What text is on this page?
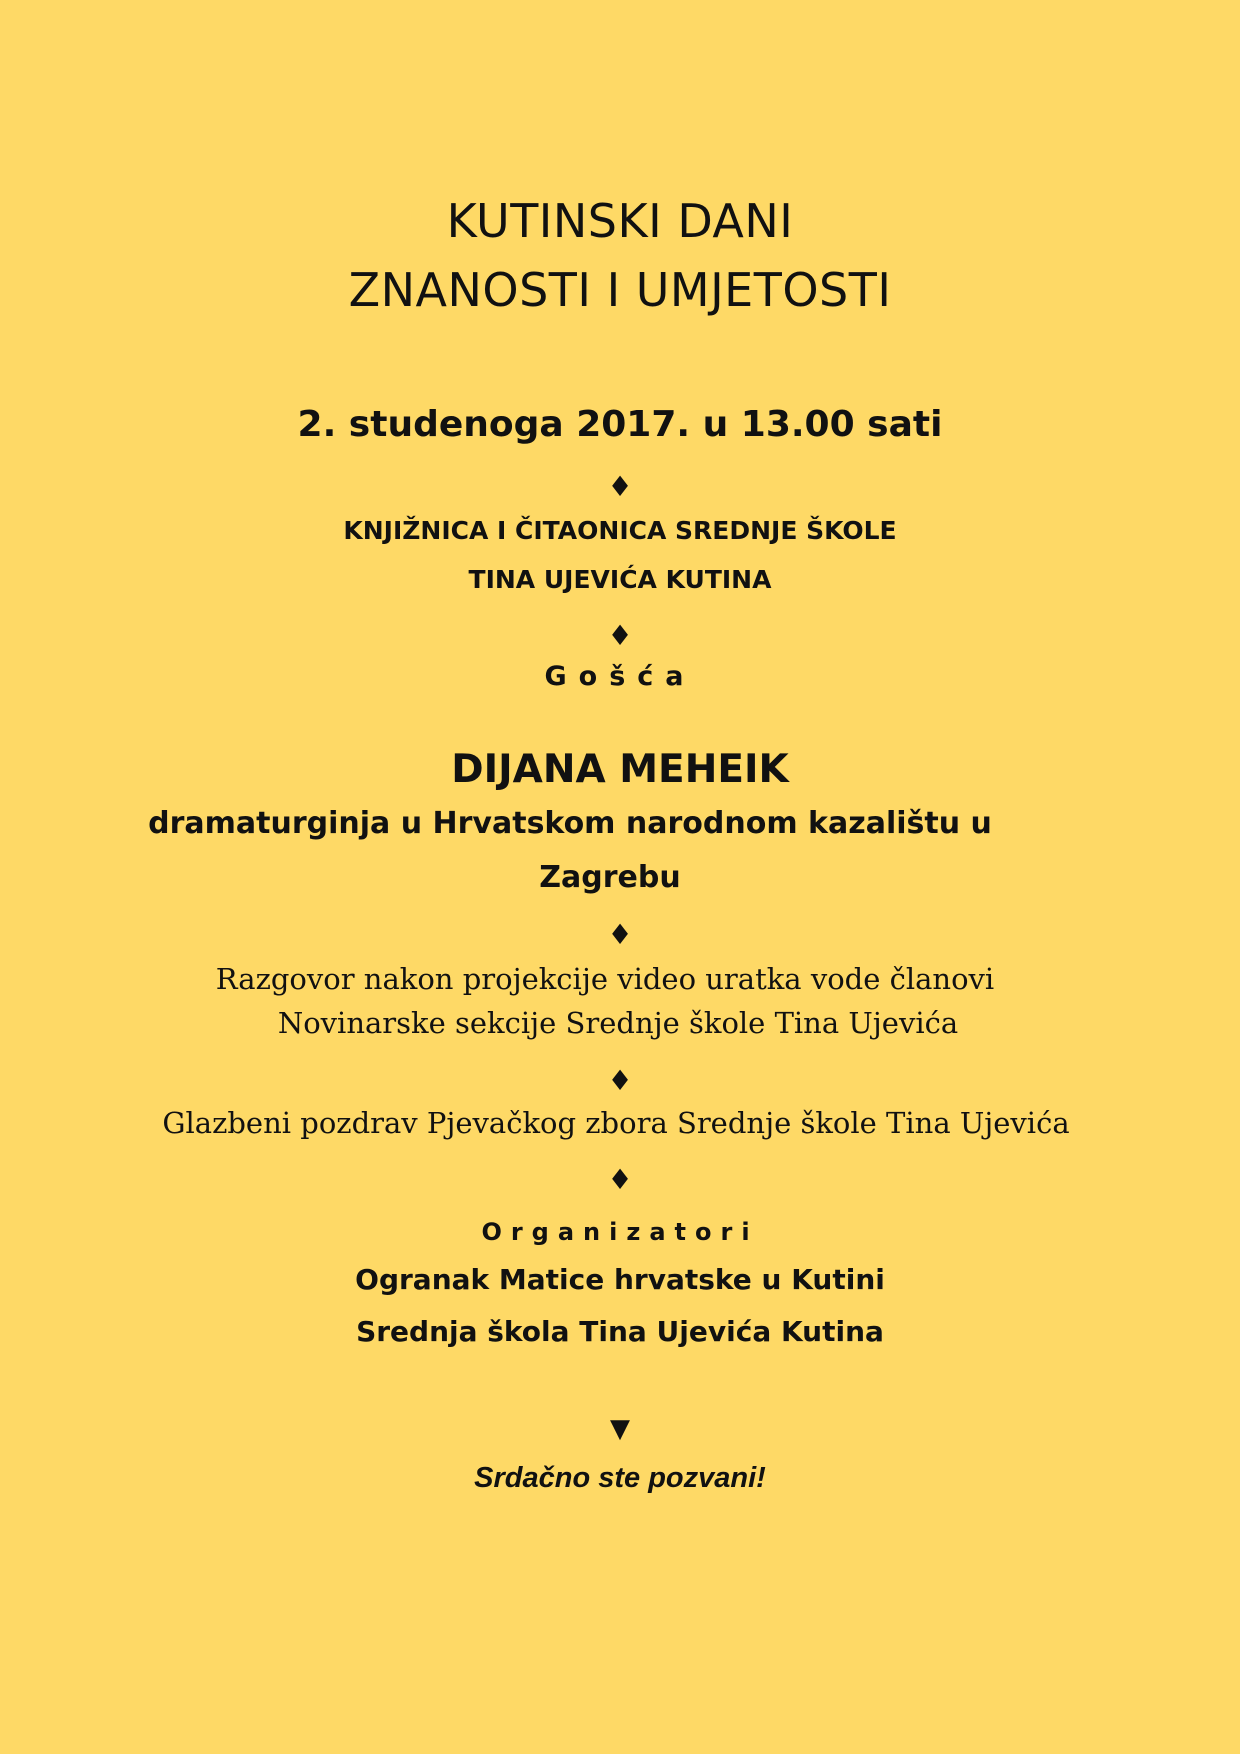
KUTINSKI DANI
ZNANOSTI I UMJETOSTI
2. studenoga 2017. u 13.00 sati
♦
KNJIŽNICA I ČITAONICA SREDNJE ŠKOLE
TINA UJEVIĆA KUTINA
♦
Gošća
DIJANA MEHEIK
dramaturginja u Hrvatskom narodnom kazalištu u
Zagrebu
♦
Razgovor nakon projekcije video uratka vode članovi
Novinarske sekcije Srednje škole Tina Ujevića
♦
Glazbeni pozdrav Pjevačkog zbora Srednje škole Tina Ujevića
♦
Organizatori
Ogranak Matice hrvatske u Kutini
Srednja škola Tina Ujevića Kutina
▼
Srdačno ste pozvani!
